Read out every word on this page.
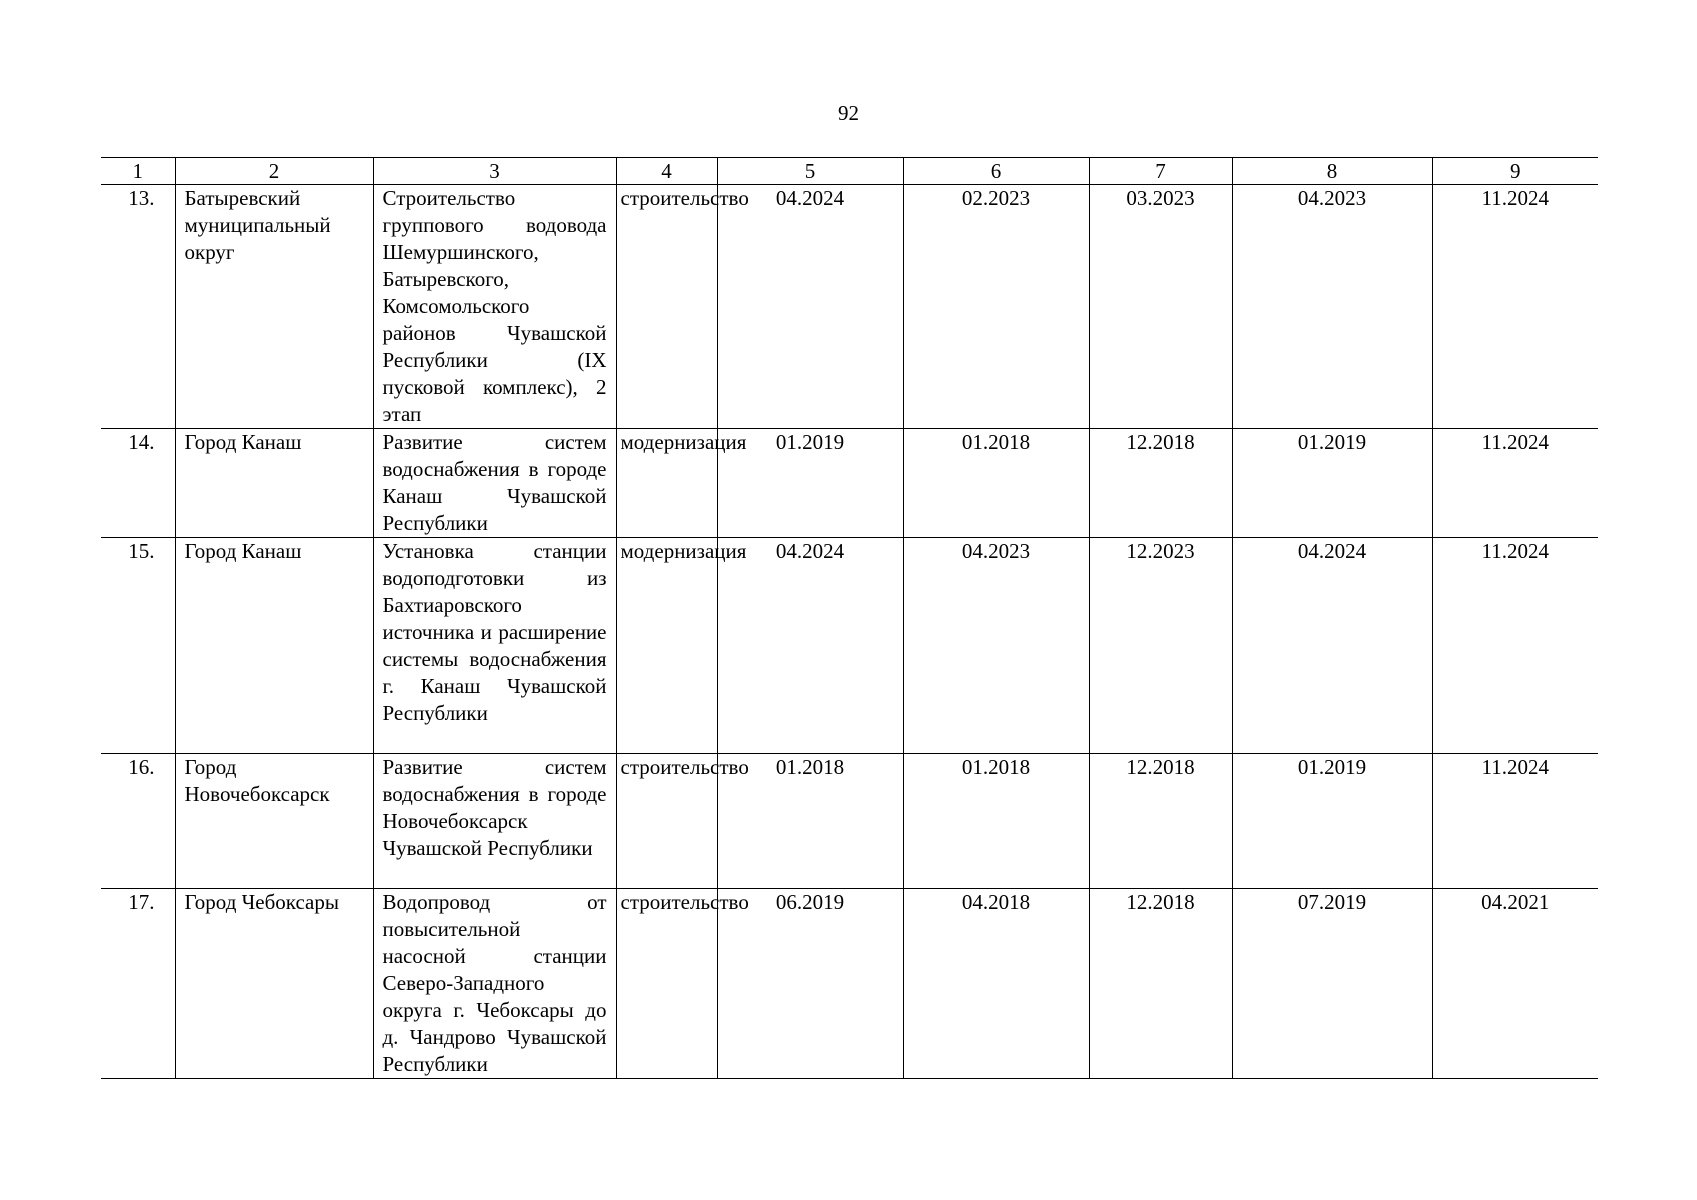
92
1	2	3	4	5	6	7	8	9
13.	Батыревский муниципальный округ	Строительство группового водовода Шемуршинского, Батыревского, Комсомольского районов Чувашской Республики (IX пусковой комплекс), 2 этап	строительство	04.2024	02.2023	03.2023	04.2023	11.2024
14.	Город Канаш	Развитие систем водоснабжения в городе Канаш Чувашской Республики	модернизация	01.2019	01.2018	12.2018	01.2019	11.2024
15.	Город Канаш	Установка станции водоподготовки из Бахтиаровского источника и расширение системы водоснабжения г. Канаш Чувашской Республики	модернизация	04.2024	04.2023	12.2023	04.2024	11.2024
16.	Город Новочебоксарск	Развитие систем водоснабжения в городе Новочебоксарск Чувашской Республики	строительство	01.2018	01.2018	12.2018	01.2019	11.2024
17.	Город Чебоксары	Водопровод от повысительной насосной станции Северо-Западного округа г. Чебоксары до д. Чандрово Чувашской Республики	строительство	06.2019	04.2018	12.2018	07.2019	04.2021
